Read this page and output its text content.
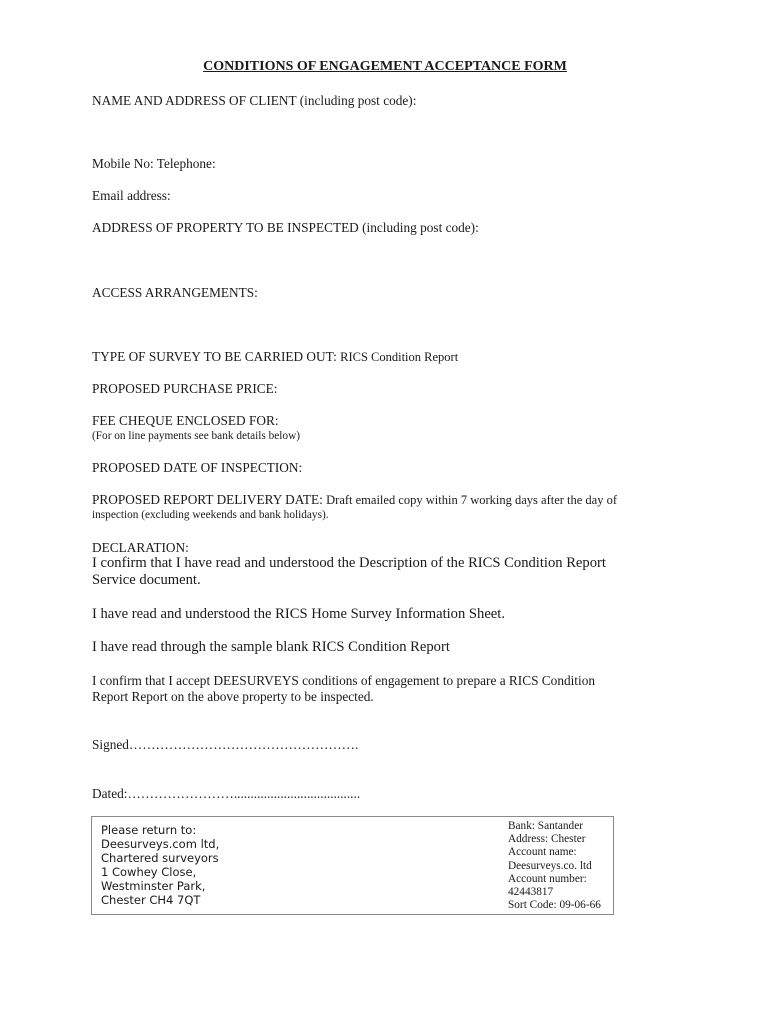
CONDITIONS OF ENGAGEMENT ACCEPTANCE FORM
NAME AND ADDRESS OF CLIENT (including post code):
Mobile No: Telephone:
Email address:
ADDRESS OF PROPERTY TO BE INSPECTED (including post code):
ACCESS ARRANGEMENTS:
TYPE OF SURVEY TO BE CARRIED OUT: RICS Condition Report
PROPOSED PURCHASE PRICE:
FEE CHEQUE ENCLOSED FOR:
(For on line payments see bank details below)
PROPOSED DATE OF INSPECTION:
PROPOSED REPORT DELIVERY DATE: Draft emailed copy within 7 working days after the day of
inspection (excluding weekends and bank holidays).
DECLARATION:
I confirm that I have read and understood the Description of the RICS Condition Report
Service document.
I have read and understood the RICS Home Survey Information Sheet.
I have read through the sample blank RICS Condition Report
I confirm that I accept DEESURVEYS conditions of engagement to prepare a RICS Condition
Report Report on the above property to be inspected.
Signed…………………………………………….
Dated:……………………......................................
Please return to:
Deesurveys.com ltd,
Chartered surveyors
1 Cowhey Close,
Westminster Park,
Chester CH4 7QT
Bank: Santander
Address: Chester
Account name:
Deesurveys.co. ltd
Account number:
42443817
Sort Code: 09-06-66
